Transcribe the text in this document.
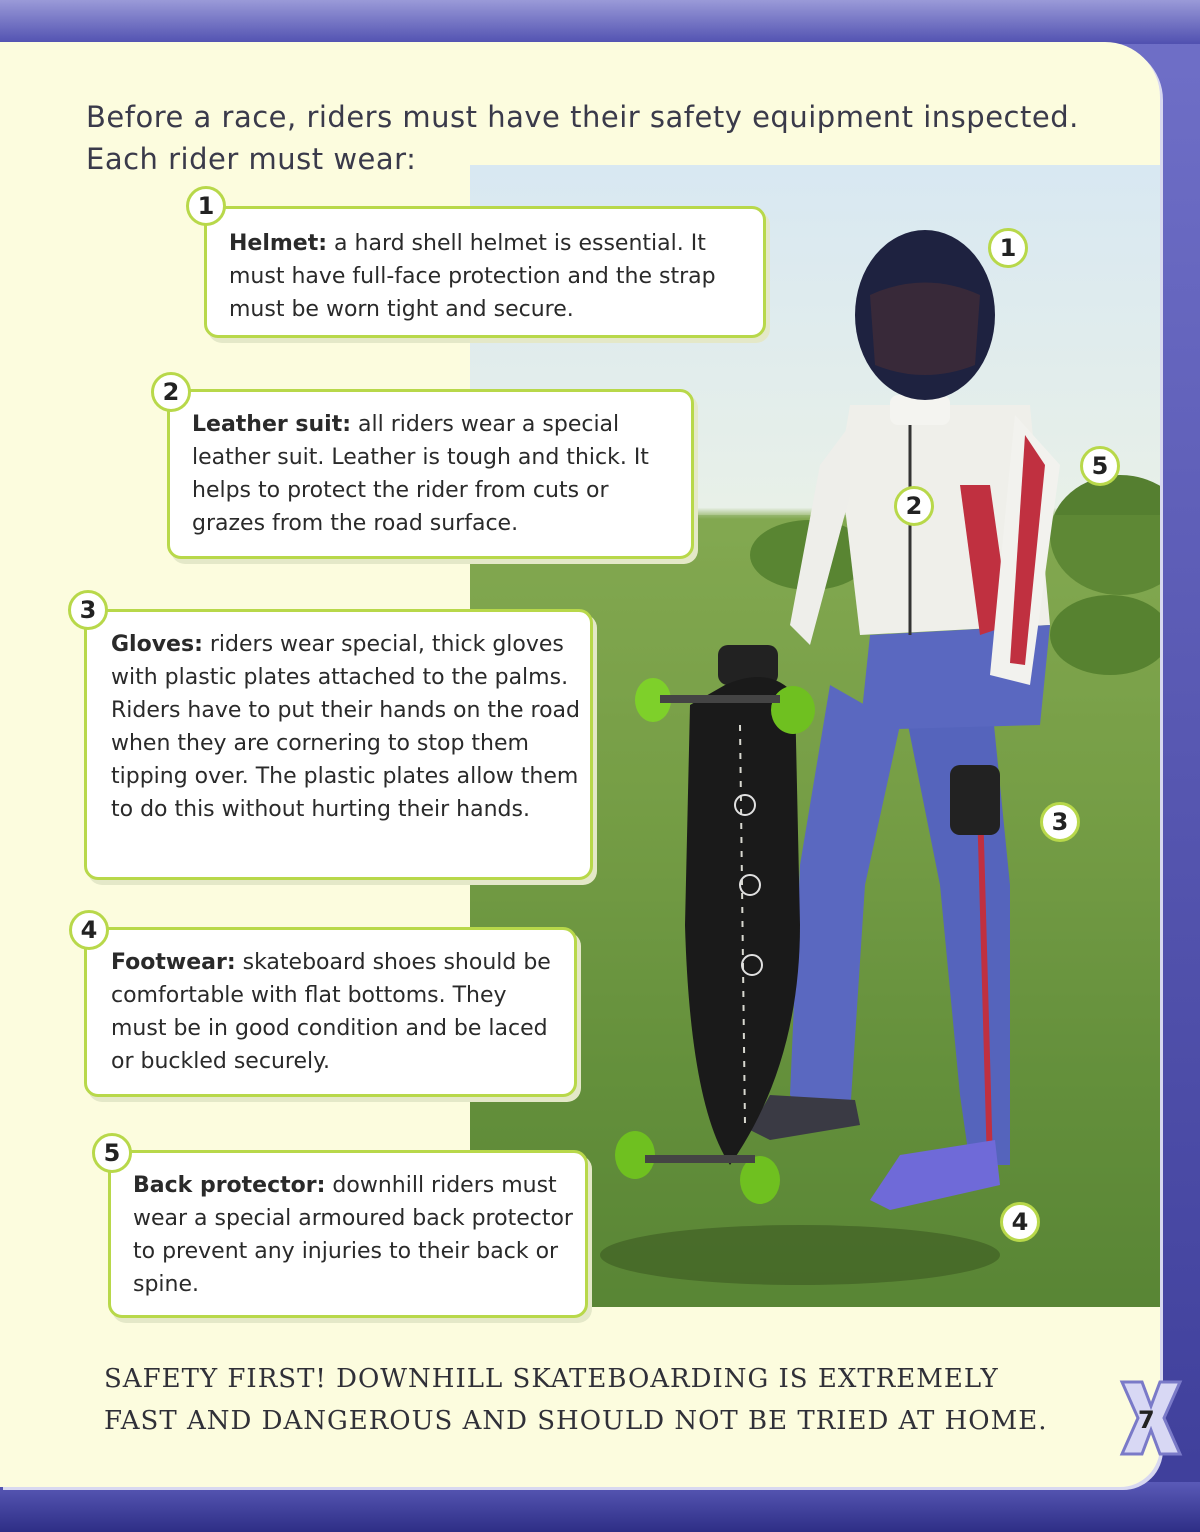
Before a race, riders must have their safety equipment inspected.
Each rider must wear:
1
2
3
4
5
Helmet: a hard shell helmet is essential. It must have full-face protection and the strap must be worn tight and secure.
1
Leather suit: all riders wear a special leather suit. Leather is tough and thick. It helps to protect the rider from cuts or grazes from the road surface.
2
Gloves: riders wear special, thick gloves with plastic plates attached to the palms. Riders have to put their hands on the road when they are cornering to stop them tipping over. The plastic plates allow them to do this without hurting their hands.
3
Footwear: skateboard shoes should be comfortable with flat bottoms. They must be in good condition and be laced or buckled securely.
4
Back protector: downhill riders must wear a special armoured back protector to prevent any injuries to their back or spine.
5
SAFETY FIRST! DOWNHILL SKATEBOARDING IS EXTREMELY
FAST AND DANGEROUS AND SHOULD NOT BE TRIED AT HOME.	7
